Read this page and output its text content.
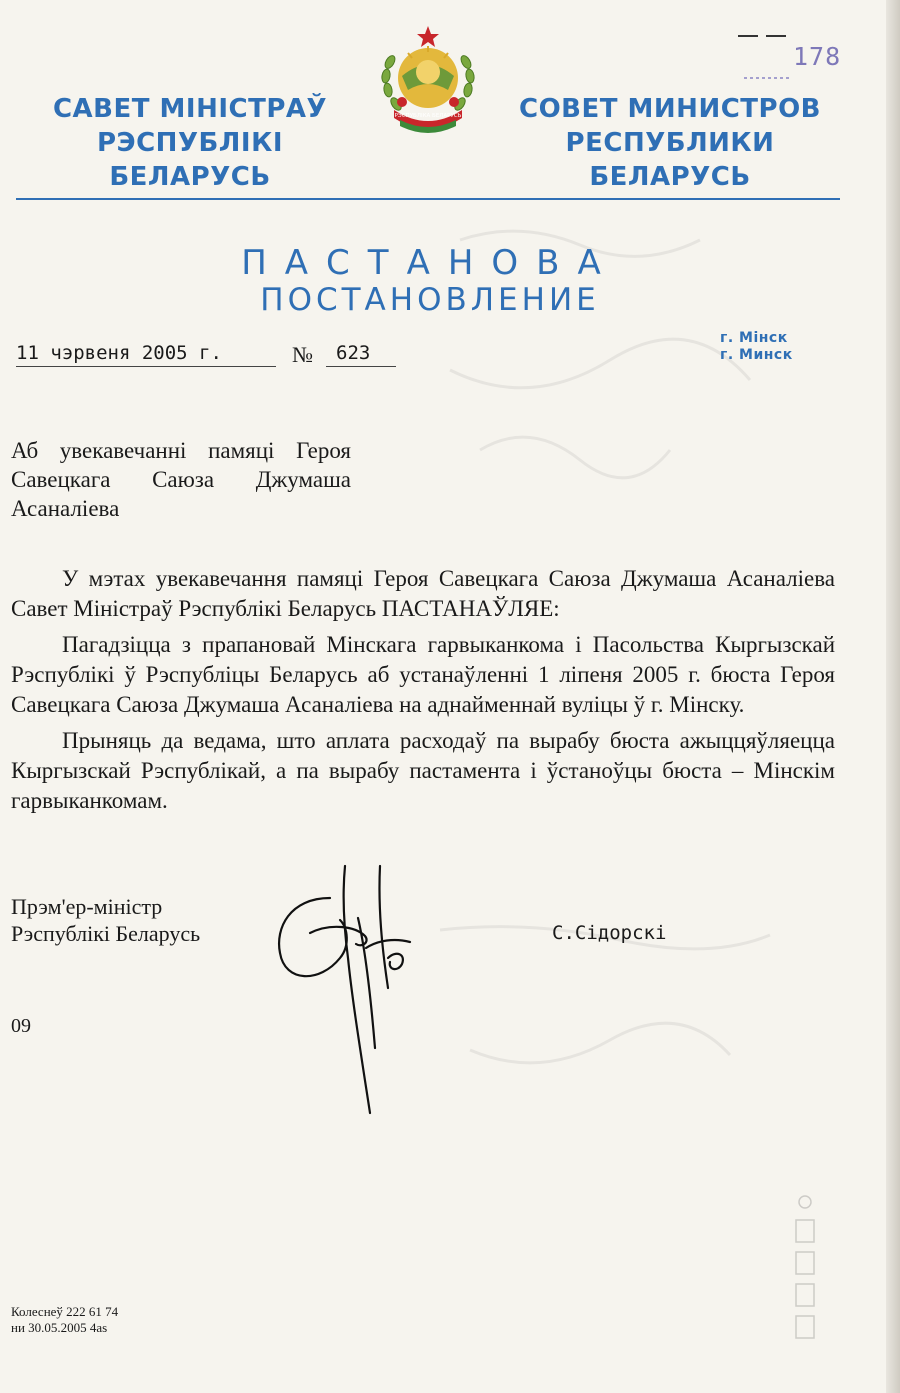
178
САВЕТ МІНІСТРАЎ
РЭСПУБЛІКІ БЕЛАРУСЬ
РЭСПУБЛІКА БЕЛАРУСЬ	СОВЕТ МИНИСТРОВ
РЕСПУБЛИКИ БЕЛАРУСЬ
ПАСТАНОВА
ПОСТАНОВЛЕНИЕ
11 чэрвеня 2005 г.	№	623
г. Мінск
г. Минск
Аб увекавечанні памяці Героя Савецкага Саюза Джумаша Асаналіева

У мэтах увекавечання памяці Героя Савецкага Саюза Джумаша Асаналіева Савет Міністраў Рэспублікі Беларусь ПАСТАНАЎЛЯЕ:

Пагадзіцца з прапановай Мінскага гарвыканкома і Пасольства Кыргызскай Рэспублікі ў Рэспубліцы Беларусь аб устанаўленні 1 ліпеня 2005 г. бюста Героя Савецкага Саюза Джумаша Асаналіева на аднайменнай вуліцы ў г. Мінску.

Прыняць да ведама, што аплата расходаў па вырабу бюста ажыццяўляецца Кыргызскай Рэспублікай, а па вырабу пастамента і ўстаноўцы бюста – Мінскім гарвыканкомам.

Прэм'ер-міністр
Рэспублікі Беларусь	С.Сідорскі
09
Колеснеў 222 61 74
ни 30.05.2005 4as
